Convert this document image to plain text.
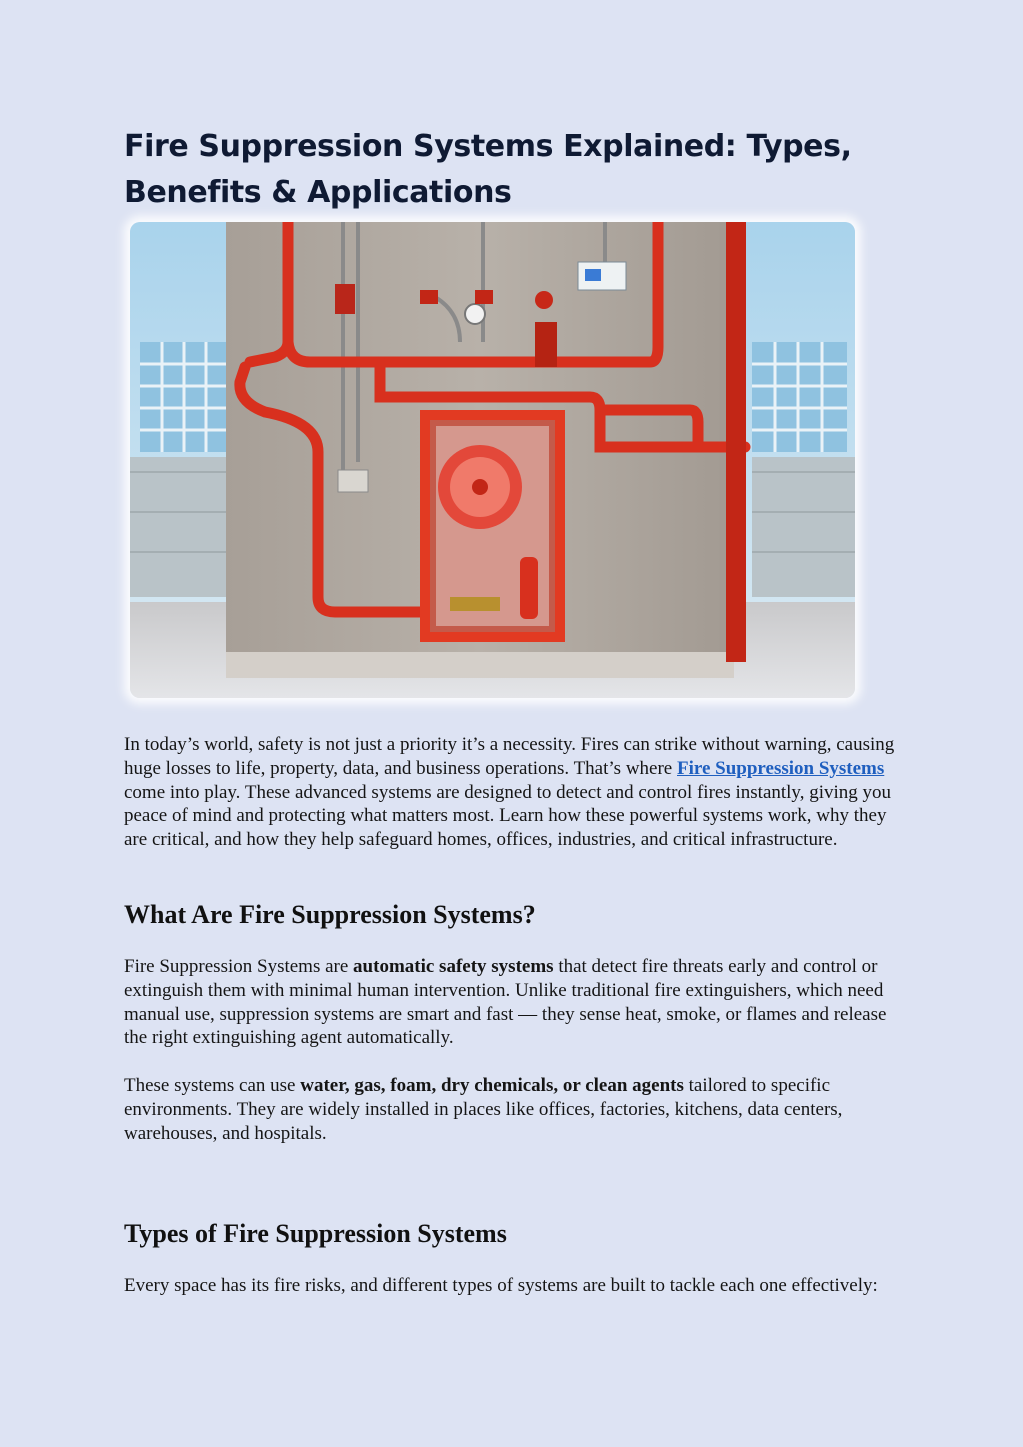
Fire Suppression Systems Explained: Types, Benefits & Applications

In today’s world, safety is not just a priority it’s a necessity. Fires can strike without warning, causing huge losses to life, property, data, and business operations. That’s where Fire Suppression Systems come into play. These advanced systems are designed to detect and control fires instantly, giving you peace of mind and protecting what matters most. Learn how these powerful systems work, why they are critical, and how they help safeguard homes, offices, industries, and critical infrastructure.

What Are Fire Suppression Systems?

Fire Suppression Systems are automatic safety systems that detect fire threats early and control or extinguish them with minimal human intervention. Unlike traditional fire extinguishers, which need manual use, suppression systems are smart and fast — they sense heat, smoke, or flames and release the right extinguishing agent automatically.

These systems can use water, gas, foam, dry chemicals, or clean agents tailored to specific environments. They are widely installed in places like offices, factories, kitchens, data centers, warehouses, and hospitals.

Types of Fire Suppression Systems

Every space has its fire risks, and different types of systems are built to tackle each one effectively:
